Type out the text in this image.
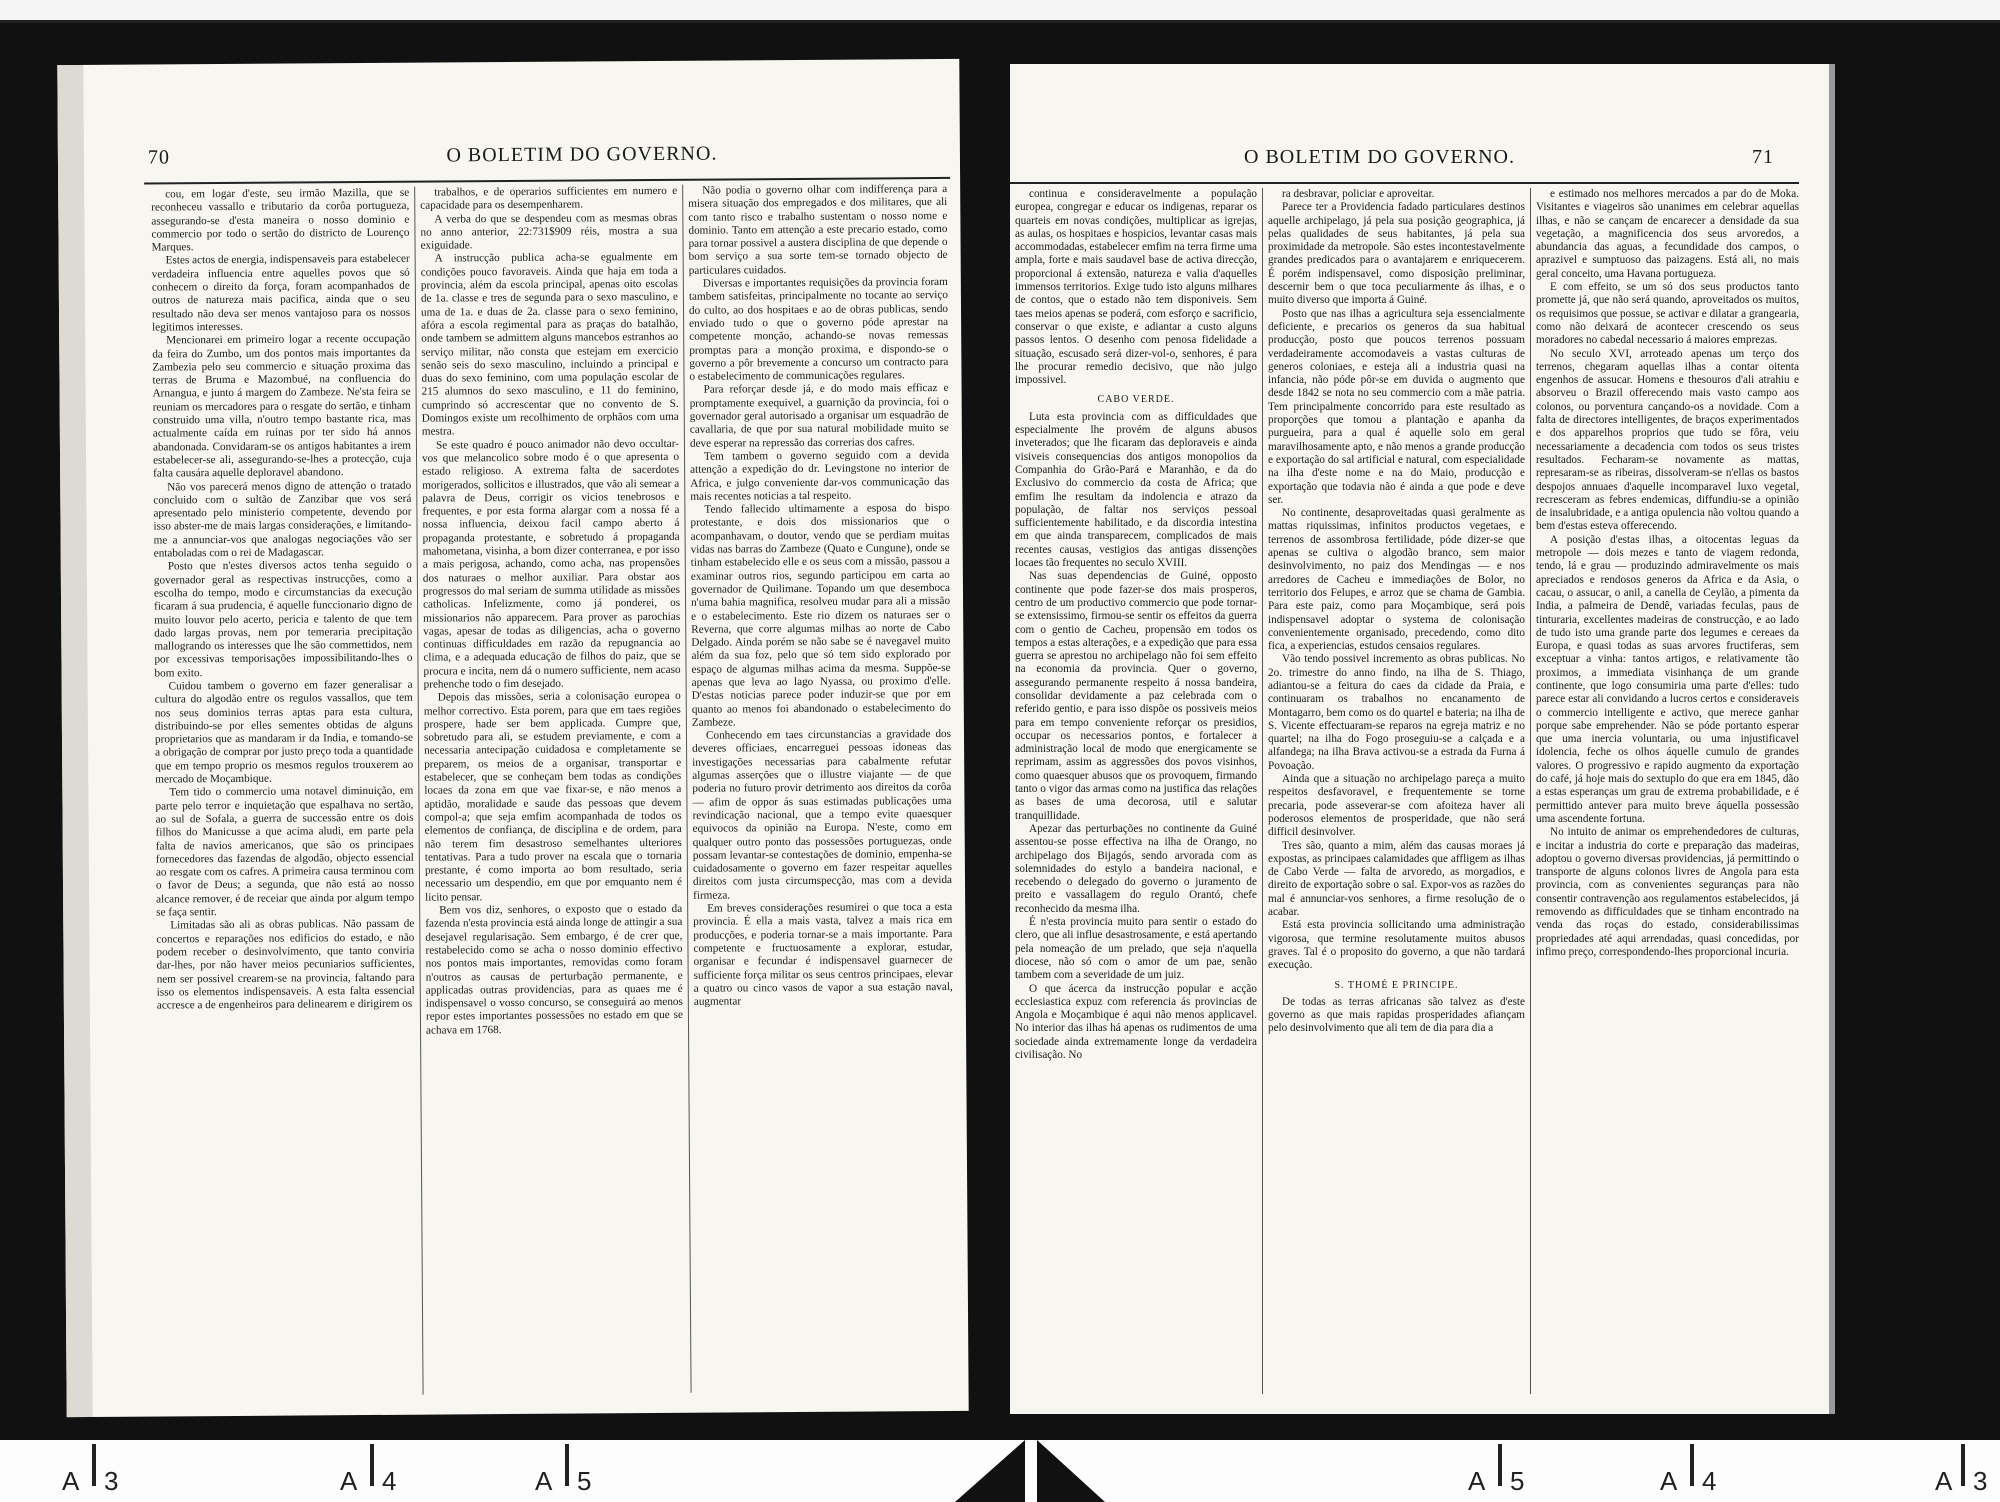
70	O BOLETIM DO GOVERNO.

cou, em logar d'este, seu irmão Mazilla, que se reconheceu vassallo e tributario da corôa portugueza, assegurando-se d'esta maneira o nosso dominio e commercio por todo o sertão do districto de Lourenço Marques.

Estes actos de energia, indispensaveis para estabelecer verdadeira influencia entre aquelles povos que só conhecem o direito da força, foram acompanhados de outros de natureza mais pacifica, ainda que o seu resultado não deva ser menos vantajoso para os nossos legitimos interesses.

Mencionarei em primeiro logar a recente occupação da feira do Zumbo, um dos pontos mais importantes da Zambezia pelo seu commercio e situação proxima das terras de Bruma e Mazombué, na confluencia do Arnangua, e junto á margem do Zambeze. Ne'sta feira se reuniam os mercadores para o resgate do sertão, e tinham construido uma villa, n'outro tempo bastante rica, mas actualmente caída em ruinas por ter sido há annos abandonada. Convidaram-se os antigos habitantes a irem estabelecer-se ali, assegurando-se-lhes a protecção, cuja falta causára aquelle deploravel abandono.

Não vos parecerá menos digno de attenção o tratado concluido com o sultão de Zanzibar que vos será apresentado pelo ministerio competente, devendo por isso abster-me de mais largas considerações, e limitando-me a annunciar-vos que analogas negociações vão ser entaboladas com o rei de Madagascar.

Posto que n'estes diversos actos tenha seguido o governador geral as respectivas instrucções, como a escolha do tempo, modo e circumstancias da execução ficaram á sua prudencia, é aquelle funccionario digno de muito louvor pelo acerto, pericia e talento de que tem dado largas provas, nem por temeraria precipitação mallogrando os interesses que lhe são commettidos, nem por excessivas temporisações impossibilitando-lhes o bom exito.

Cuidou tambem o governo em fazer generalisar a cultura do algodão entre os regulos vassallos, que tem nos seus dominios terras aptas para esta cultura, distribuindo-se por elles sementes obtidas de alguns proprietarios que as mandaram ir da India, e tomando-se a obrigação de comprar por justo preço toda a quantidade que em tempo proprio os mesmos regulos trouxerem ao mercado de Moçambique.

Tem tido o commercio uma notavel diminuição, em parte pelo terror e inquietação que espalhava no sertão, ao sul de Sofala, a guerra de successão entre os dois filhos do Manicusse a que acima aludi, em parte pela falta de navios americanos, que são os principaes fornecedores das fazendas de algodão, objecto essencial ao resgate com os cafres. A primeira causa terminou com o favor de Deus; a segunda, que não está ao nosso alcance remover, é de receiar que ainda por algum tempo se faça sentir.

Limitadas são ali as obras publicas. Não passam de concertos e reparações nos edificios do estado, e não podem receber o desinvolvimento, que tanto conviria dar-lhes, por não haver meios pecuniarios sufficientes, nem ser possivel crearem-se na provincia, faltando para isso os elementos indispensaveis. A esta falta essencial accresce a de engenheiros para delinearem e dirigirem os

trabalhos, e de operarios sufficientes em numero e capacidade para os desempenharem.

A verba do que se despendeu com as mesmas obras no anno anterior, 22:731$909 réis, mostra a sua exiguidade.

A instrucção publica acha-se egualmente em condições pouco favoraveis. Ainda que haja em toda a provincia, além da escola principal, apenas oito escolas de 1a. classe e tres de segunda para o sexo masculino, e uma de 1a. e duas de 2a. classe para o sexo feminino, afóra a escola regimental para as praças do batalhão, onde tambem se admittem alguns mancebos estranhos ao serviço militar, não consta que estejam em exercicio senão seis do sexo masculino, incluindo a principal e duas do sexo feminino, com uma população escolar de 215 alumnos do sexo masculino, e 11 do feminino, cumprindo só accrescentar que no convento de S. Domingos existe um recolhimento de orphãos com uma mestra.

Se este quadro é pouco animador não devo occultar-vos que melancolico sobre modo é o que apresenta o estado religioso. A extrema falta de sacerdotes morigerados, sollicitos e illustrados, que vão ali semear a palavra de Deus, corrigir os vicios tenebrosos e frequentes, e por esta forma alargar com a nossa fé a nossa influencia, deixou facil campo aberto á propaganda protestante, e sobretudo á propaganda mahometana, visinha, a bom dizer conterranea, e por isso a mais perigosa, achando, como acha, nas propensões dos naturaes o melhor auxiliar. Para obstar aos progressos do mal seriam de summa utilidade as missões catholicas. Infelizmente, como já ponderei, os missionarios não apparecem. Para prover as parochias vagas, apesar de todas as diligencias, acha o governo continuas difficuldades em razão da repugnancia ao clima, e a adequada educação de filhos do paiz, que se procura e incita, nem dá o numero sufficiente, nem acaso prehenche todo o fim desejado.

Depois das missões, seria a colonisação europea o melhor correctivo. Esta porem, para que em taes regiões prospere, hade ser bem applicada. Cumpre que, sobretudo para ali, se estudem previamente, e com a necessaria antecipação cuidadosa e completamente se preparem, os meios de a organisar, transportar e estabelecer, que se conheçam bem todas as condições locaes da zona em que vae fixar-se, e não menos a aptidão, moralidade e saude das pessoas que devem compol-a; que seja emfim acompanhada de todos os elementos de confiança, de disciplina e de ordem, para não terem fim desastroso semelhantes ulteriores tentativas. Para a tudo prover na escala que o tornaria prestante, é como importa ao bom resultado, seria necessario um despendio, em que por emquanto nem é licito pensar.

Bem vos diz, senhores, o exposto que o estado da fazenda n'esta provincia está ainda longe de attingir a sua desejavel regularisação. Sem embargo, é de crer que, restabelecido como se acha o nosso dominio effectivo nos pontos mais importantes, removidas como foram n'outros as causas de perturbação permanente, e applicadas outras providencias, para as quaes me é indispensavel o vosso concurso, se conseguirá ao menos repor estes importantes possessões no estado em que se achava em 1768.

Não podia o governo olhar com indifferença para a misera situação dos empregados e dos militares, que ali com tanto risco e trabalho sustentam o nosso nome e dominio. Tanto em attenção a este precario estado, como para tornar possivel a austera disciplina de que depende o bom serviço a sua sorte tem-se tornado objecto de particulares cuidados.

Diversas e importantes requisições da provincia foram tambem satisfeitas, principalmente no tocante ao serviço do culto, ao dos hospitaes e ao de obras publicas, sendo enviado tudo o que o governo póde aprestar na competente monção, achando-se novas remessas promptas para a monção proxima, e dispondo-se o governo a pôr brevemente a concurso um contracto para o estabelecimento de communicações regulares.

Para reforçar desde já, e do modo mais efficaz e promptamente exequivel, a guarnição da provincia, foi o governador geral autorisado a organisar um esquadrão de cavallaria, de que por sua natural mobilidade muito se deve esperar na repressão das correrias dos cafres.

Tem tambem o governo seguido com a devida attenção a expedição do dr. Levingstone no interior de Africa, e julgo conveniente dar-vos communicação das mais recentes noticias a tal respeito.

Tendo fallecido ultimamente a esposa do bispo protestante, e dois dos missionarios que o acompanhavam, o doutor, vendo que se perdiam muitas vidas nas barras do Zambeze (Quato e Cungune), onde se tinham estabelecido elle e os seus com a missão, passou a examinar outros rios, segundo participou em carta ao governador de Quilimane. Topando um que desemboca n'uma bahia magnifica, resolveu mudar para ali a missão e o estabelecimento. Este rio dizem os naturaes ser o Reverna, que corre algumas milhas ao norte de Cabo Delgado. Ainda porém se não sabe se é navegavel muito além da sua foz, pelo que só tem sido explorado por espaço de algumas milhas acima da mesma. Suppõe-se apenas que leva ao lago Nyassa, ou proximo d'elle. D'estas noticias parece poder induzir-se que por em quanto ao menos foi abandonado o estabelecimento do Zambeze.

Conhecendo em taes circunstancias a gravidade dos deveres officiaes, encarreguei pessoas idoneas das investigações necessarias para cabalmente refutar algumas asserções que o illustre viajante — de que poderia no futuro provir detrimento aos direitos da corôa — afim de oppor ás suas estimadas publicações uma revindicação nacional, que a tempo evite quaesquer equivocos da opinião na Europa. N'este, como em qualquer outro ponto das possessões portuguezas, onde possam levantar-se contestações de dominio, empenha-se cuidadosamente o governo em fazer respeitar aquelles direitos com justa circumspecção, mas com a devida firmeza.

Em breves considerações resumirei o que toca a esta provincia. É ella a mais vasta, talvez a mais rica em producções, e poderia tornar-se a mais importante. Para competente e fructuosamente a explorar, estudar, organisar e fecundar é indispensavel guarnecer de sufficiente força militar os seus centros principaes, elevar a quatro ou cinco vasos de vapor a sua estação naval, augmentar

O BOLETIM DO GOVERNO.	71

continua e consideravelmente a população europea, congregar e educar os indigenas, reparar os quarteis em novas condições, multiplicar as igrejas, as aulas, os hospitaes e hospicios, levantar casas mais accommodadas, estabelecer emfim na terra firme uma ampla, forte e mais saudavel base de activa direcção, proporcional á extensão, natureza e valia d'aquelles immensos territorios. Exige tudo isto alguns milhares de contos, que o estado não tem disponiveis. Sem taes meios apenas se poderá, com esforço e sacrificio, conservar o que existe, e adiantar a custo alguns passos lentos. O desenho com penosa fidelidade a situação, escusado será dizer-vol-o, senhores, é para lhe procurar remedio decisivo, que não julgo impossivel.

CABO VERDE.

Luta esta provincia com as difficuldades que especialmente lhe provém de alguns abusos inveterados; que lhe ficaram das deploraveis e ainda visiveis consequencias dos antigos monopolios da Companhia do Grão-Pará e Maranhão, e da do Exclusivo do commercio da costa de Africa; que emfim lhe resultam da indolencia e atrazo da população, de faltar nos serviços pessoal sufficientemente habilitado, e da discordia intestina em que ainda transparecem, complicados de mais recentes causas, vestigios das antigas dissenções locaes tão frequentes no seculo XVIII.

Nas suas dependencias de Guiné, opposto continente que pode fazer-se dos mais prosperos, centro de um productivo commercio que pode tornar-se extensissimo, firmou-se sentir os effeitos da guerra com o gentio de Cacheu, propensão em todos os tempos a estas alterações, e a expedição que para essa guerra se aprestou no archipelago não foi sem effeito na economia da provincia. Quer o governo, assegurando permanente respeito á nossa bandeira, consolidar devidamente a paz celebrada com o referido gentio, e para isso dispõe os possiveis meios para em tempo conveniente reforçar os presidios, occupar os necessarios pontos, e fortalecer a administração local de modo que energicamente se reprimam, assim as aggressões dos povos visinhos, como quaesquer abusos que os provoquem, firmando tanto o vigor das armas como na justifica das relações as bases de uma decorosa, util e salutar tranquillidade.

Apezar das perturbações no continente da Guiné assentou-se posse effectiva na ilha de Orango, no archipelago dos Bijagós, sendo arvorada com as solemnidades do estylo a bandeira nacional, e recebendo o delegado do governo o juramento de preito e vassallagem do regulo Orantó, chefe reconhecido da mesma ilha.

É n'esta provincia muito para sentir o estado do clero, que ali influe desastrosamente, e está apertando pela nomeação de um prelado, que seja n'aquella diocese, não só com o amor de um pae, senão tambem com a severidade de um juiz.

O que ácerca da instrucção popular e acção ecclesiastica expuz com referencia ás provincias de Angola e Moçambique é aqui não menos applicavel. No interior das ilhas há apenas os rudimentos de uma sociedade ainda extremamente longe da verdadeira civilisação. No

ra desbravar, policiar e aproveitar.

Parece ter a Providencia fadado particulares destinos aquelle archipelago, já pela sua posição geographica, já pelas qualidades de seus habitantes, já pela sua proximidade da metropole. São estes incontestavelmente grandes predicados para o avantajarem e enriquecerem. É porém indispensavel, como disposição preliminar, descernir bem o que toca peculiarmente ás ilhas, e o muito diverso que importa á Guiné.

Posto que nas ilhas a agricultura seja essencialmente deficiente, e precarios os generos da sua habitual producção, posto que poucos terrenos possuam verdadeiramente accomodaveis a vastas culturas de generos coloniaes, e esteja ali a industria quasi na infancia, não póde pôr-se em duvida o augmento que desde 1842 se nota no seu commercio com a mãe patria. Tem principalmente concorrido para este resultado as proporções que tomou a plantação e apanha da purgueira, para a qual é aquelle solo em geral maravilhosamente apto, e não menos a grande producção e exportação do sal artificial e natural, com especialidade na ilha d'este nome e na do Maio, producção e exportação que todavia não é ainda a que pode e deve ser.

No continente, desaproveitadas quasi geralmente as mattas riquissimas, infinitos productos vegetaes, e terrenos de assombrosa fertilidade, póde dizer-se que apenas se cultiva o algodão branco, sem maior desinvolvimento, no paiz dos Mendingas — e nos arredores de Cacheu e immediações de Bolor, no territorio dos Felupes, e arroz que se chama de Gambia. Para este paiz, como para Moçambique, será pois indispensavel adoptar o systema de colonisação convenientemente organisado, precedendo, como dito fica, a experiencias, estudos censaios regulares.

Vão tendo possivel incremento as obras publicas. No 2o. trimestre do anno findo, na ilha de S. Thiago, adiantou-se a feitura do caes da cidade da Praia, e continuaram os trabalhos no encanamento de Montagarro, bem como os do quartel e bateria; na ilha de S. Vicente effectuaram-se reparos na egreja matriz e no quartel; na ilha do Fogo proseguiu-se a calçada e a alfandega; na ilha Brava activou-se a estrada da Furna á Povoação.

Ainda que a situação no archipelago pareça a muito respeitos desfavoravel, e frequentemente se torne precaria, pode asseverar-se com afoiteza haver ali poderosos elementos de prosperidade, que não será difficil desinvolver.

Tres são, quanto a mim, além das causas moraes já expostas, as principaes calamidades que affligem as ilhas de Cabo Verde — falta de arvoredo, as morgadios, e direito de exportação sobre o sal. Expor-vos as razões do mal é annunciar-vos senhores, a firme resolução de o acabar.

Está esta provincia sollicitando uma administração vigorosa, que termine resolutamente muitos abusos graves. Tal é o proposito do governo, a que não tardará execução.

S. THOMÉ E PRINCIPE.

De todas as terras africanas são talvez as d'este governo as que mais rapidas prosperidades afiançam pelo desinvolvimento que ali tem de dia para dia a

e estimado nos melhores mercados a par do de Moka. Visitantes e viageiros são unanimes em celebrar aquellas ilhas, e não se cançam de encarecer a densidade da sua vegetação, a magnificencia dos seus arvoredos, a abundancia das aguas, a fecundidade dos campos, o aprazivel e sumptuoso das paizagens. Está ali, no mais geral conceito, uma Havana portugueza.

E com effeito, se um só dos seus productos tanto promette já, que não será quando, aproveitados os muitos, os requisimos que possue, se activar e dilatar a grangearia, como não deixará de acontecer crescendo os seus moradores no cabedal necessario á maiores emprezas.

No seculo XVI, arroteado apenas um terço dos terrenos, chegaram aquellas ilhas a contar oitenta engenhos de assucar. Homens e thesouros d'ali atrahiu e absorveu o Brazil offerecendo mais vasto campo aos colonos, ou porventura cançando-os a novidade. Com a falta de directores intelligentes, de braços experimentados e dos apparelhos proprios que tudo se fôra, veiu necessariamente a decadencia com todos os seus tristes resultados. Fecharam-se novamente as mattas, represaram-se as ribeiras, dissolveram-se n'ellas os bastos despojos annuaes d'aquelle incomparavel luxo vegetal, recresceram as febres endemicas, diffundiu-se a opinião de insalubridade, e a antiga opulencia não voltou quando a bem d'estas esteva offerecendo.

A posição d'estas ilhas, a oitocentas leguas da metropole — dois mezes e tanto de viagem redonda, tendo, lá e grau — produzindo admiravelmente os mais apreciados e rendosos generos da Africa e da Asia, o cacau, o assucar, o anil, a canella de Ceylão, a pimenta da India, a palmeira de Dendê, variadas feculas, paus de tinturaria, excellentes madeiras de construcção, e ao lado de tudo isto uma grande parte dos legumes e cereaes da Europa, e quasi todas as suas arvores fructiferas, sem exceptuar a vinha: tantos artigos, e relativamente tão proximos, a immediata visinhança de um grande continente, que logo consumiria uma parte d'elles: tudo parece estar ali convidando a lucros certos e consideraveis o commercio intelligente e activo, que merece ganhar porque sabe emprehender. Não se póde portanto esperar que uma inercia voluntaria, ou uma injustificavel idolencia, feche os olhos áquelle cumulo de grandes valores. O progressivo e rapido augmento da exportação do café, já hoje mais do sextuplo do que era em 1845, dão a estas esperanças um grau de extrema probabilidade, e é permittido antever para muito breve áquella possessão uma ascendente fortuna.

No intuito de animar os emprehendedores de culturas, e incitar a industria do corte e preparação das madeiras, adoptou o governo diversas providencias, já permittindo o transporte de alguns colonos livres de Angola para esta provincia, com as convenientes seguranças para não consentir contravenção aos regulamentos estabelecidos, já removendo as difficuldades que se tinham encontrado na venda das roças do estado, considerabilissimas propriedades até aqui arrendadas, quasi concedidas, por infimo preço, correspondendo-lhes proporcional incuria.

A 3	A 4	A 5	A 5	A 4	A 3
